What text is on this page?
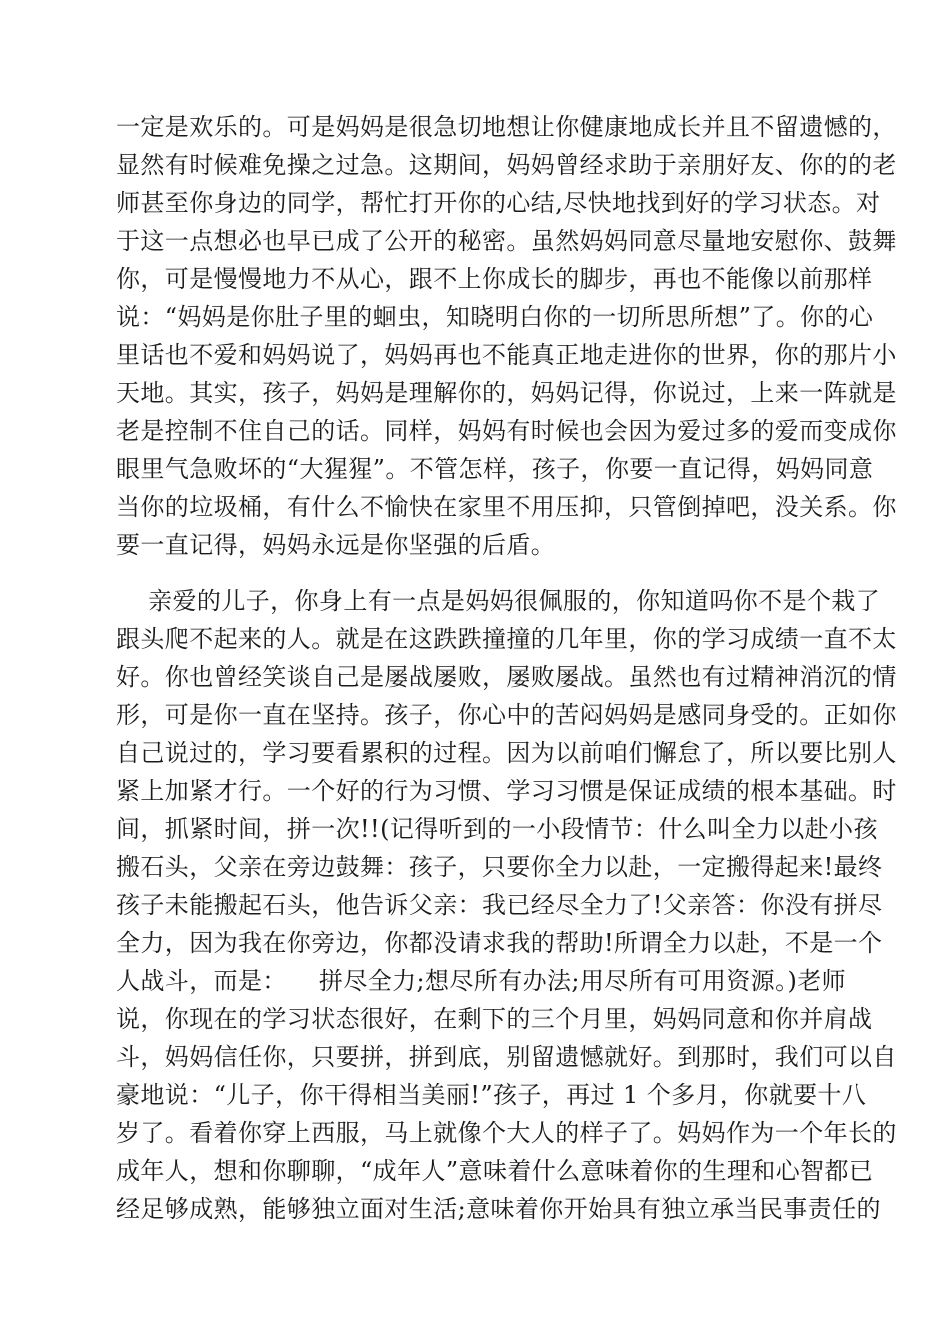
一定是欢乐的。可是妈妈是很急切地想让你健康地成长并且不留遗憾的，
显然有时候难免操之过急。这期间，妈妈曾经求助于亲朋好友、你的的老
师甚至你身边的同学，帮忙打开你的心结,尽快地找到好的学习状态。对
于这一点想必也早已成了公开的秘密。虽然妈妈同意尽量地安慰你、鼓舞
你，可是慢慢地力不从心，跟不上你成长的脚步，再也不能像以前那样
说：“妈妈是你肚子里的蛔虫，知晓明白你的一切所思所想”了。你的心
里话也不爱和妈妈说了，妈妈再也不能真正地走进你的世界，你的那片小
天地。其实，孩子，妈妈是理解你的，妈妈记得，你说过，上来一阵就是
老是控制不住自己的话。同样，妈妈有时候也会因为爱过多的爱而变成你
眼里气急败坏的“大猩猩”。不管怎样，孩子，你要一直记得，妈妈同意
当你的垃圾桶，有什么不愉快在家里不用压抑，只管倒掉吧，没关系。你
要一直记得，妈妈永远是你坚强的后盾。
亲爱的儿子，你身上有一点是妈妈很佩服的，你知道吗你不是个栽了
跟头爬不起来的人。就是在这跌跌撞撞的几年里，你的学习成绩一直不太
好。你也曾经笑谈自己是屡战屡败，屡败屡战。虽然也有过精神消沉的情
形，可是你一直在坚持。孩子，你心中的苦闷妈妈是感同身受的。正如你
自己说过的，学习要看累积的过程。因为以前咱们懈怠了，所以要比别人
紧上加紧才行。一个好的行为习惯、学习习惯是保证成绩的根本基础。时
间，抓紧时间，拼一次!!(记得听到的一小段情节：什么叫全力以赴小孩
搬石头，父亲在旁边鼓舞：孩子，只要你全力以赴，一定搬得起来!最终
孩子未能搬起石头，他告诉父亲：我已经尽全力了!父亲答：你没有拼尽
全力，因为我在你旁边，你都没请求我的帮助!所谓全力以赴，不是一个
人战斗，而是：    拼尽全力;想尽所有办法;用尽所有可用资源。)老师
说，你现在的学习状态很好，在剩下的三个月里，妈妈同意和你并肩战
斗，妈妈信任你，只要拼，拼到底，别留遗憾就好。到那时，我们可以自
豪地说：“儿子，你干得相当美丽!”孩子，再过 1 个多月，你就要十八
岁了。看着你穿上西服，马上就像个大人的样子了。妈妈作为一个年长的
成年人，想和你聊聊，“成年人”意味着什么意味着你的生理和心智都已
经足够成熟，能够独立面对生活;意味着你开始具有独立承当民事责任的
